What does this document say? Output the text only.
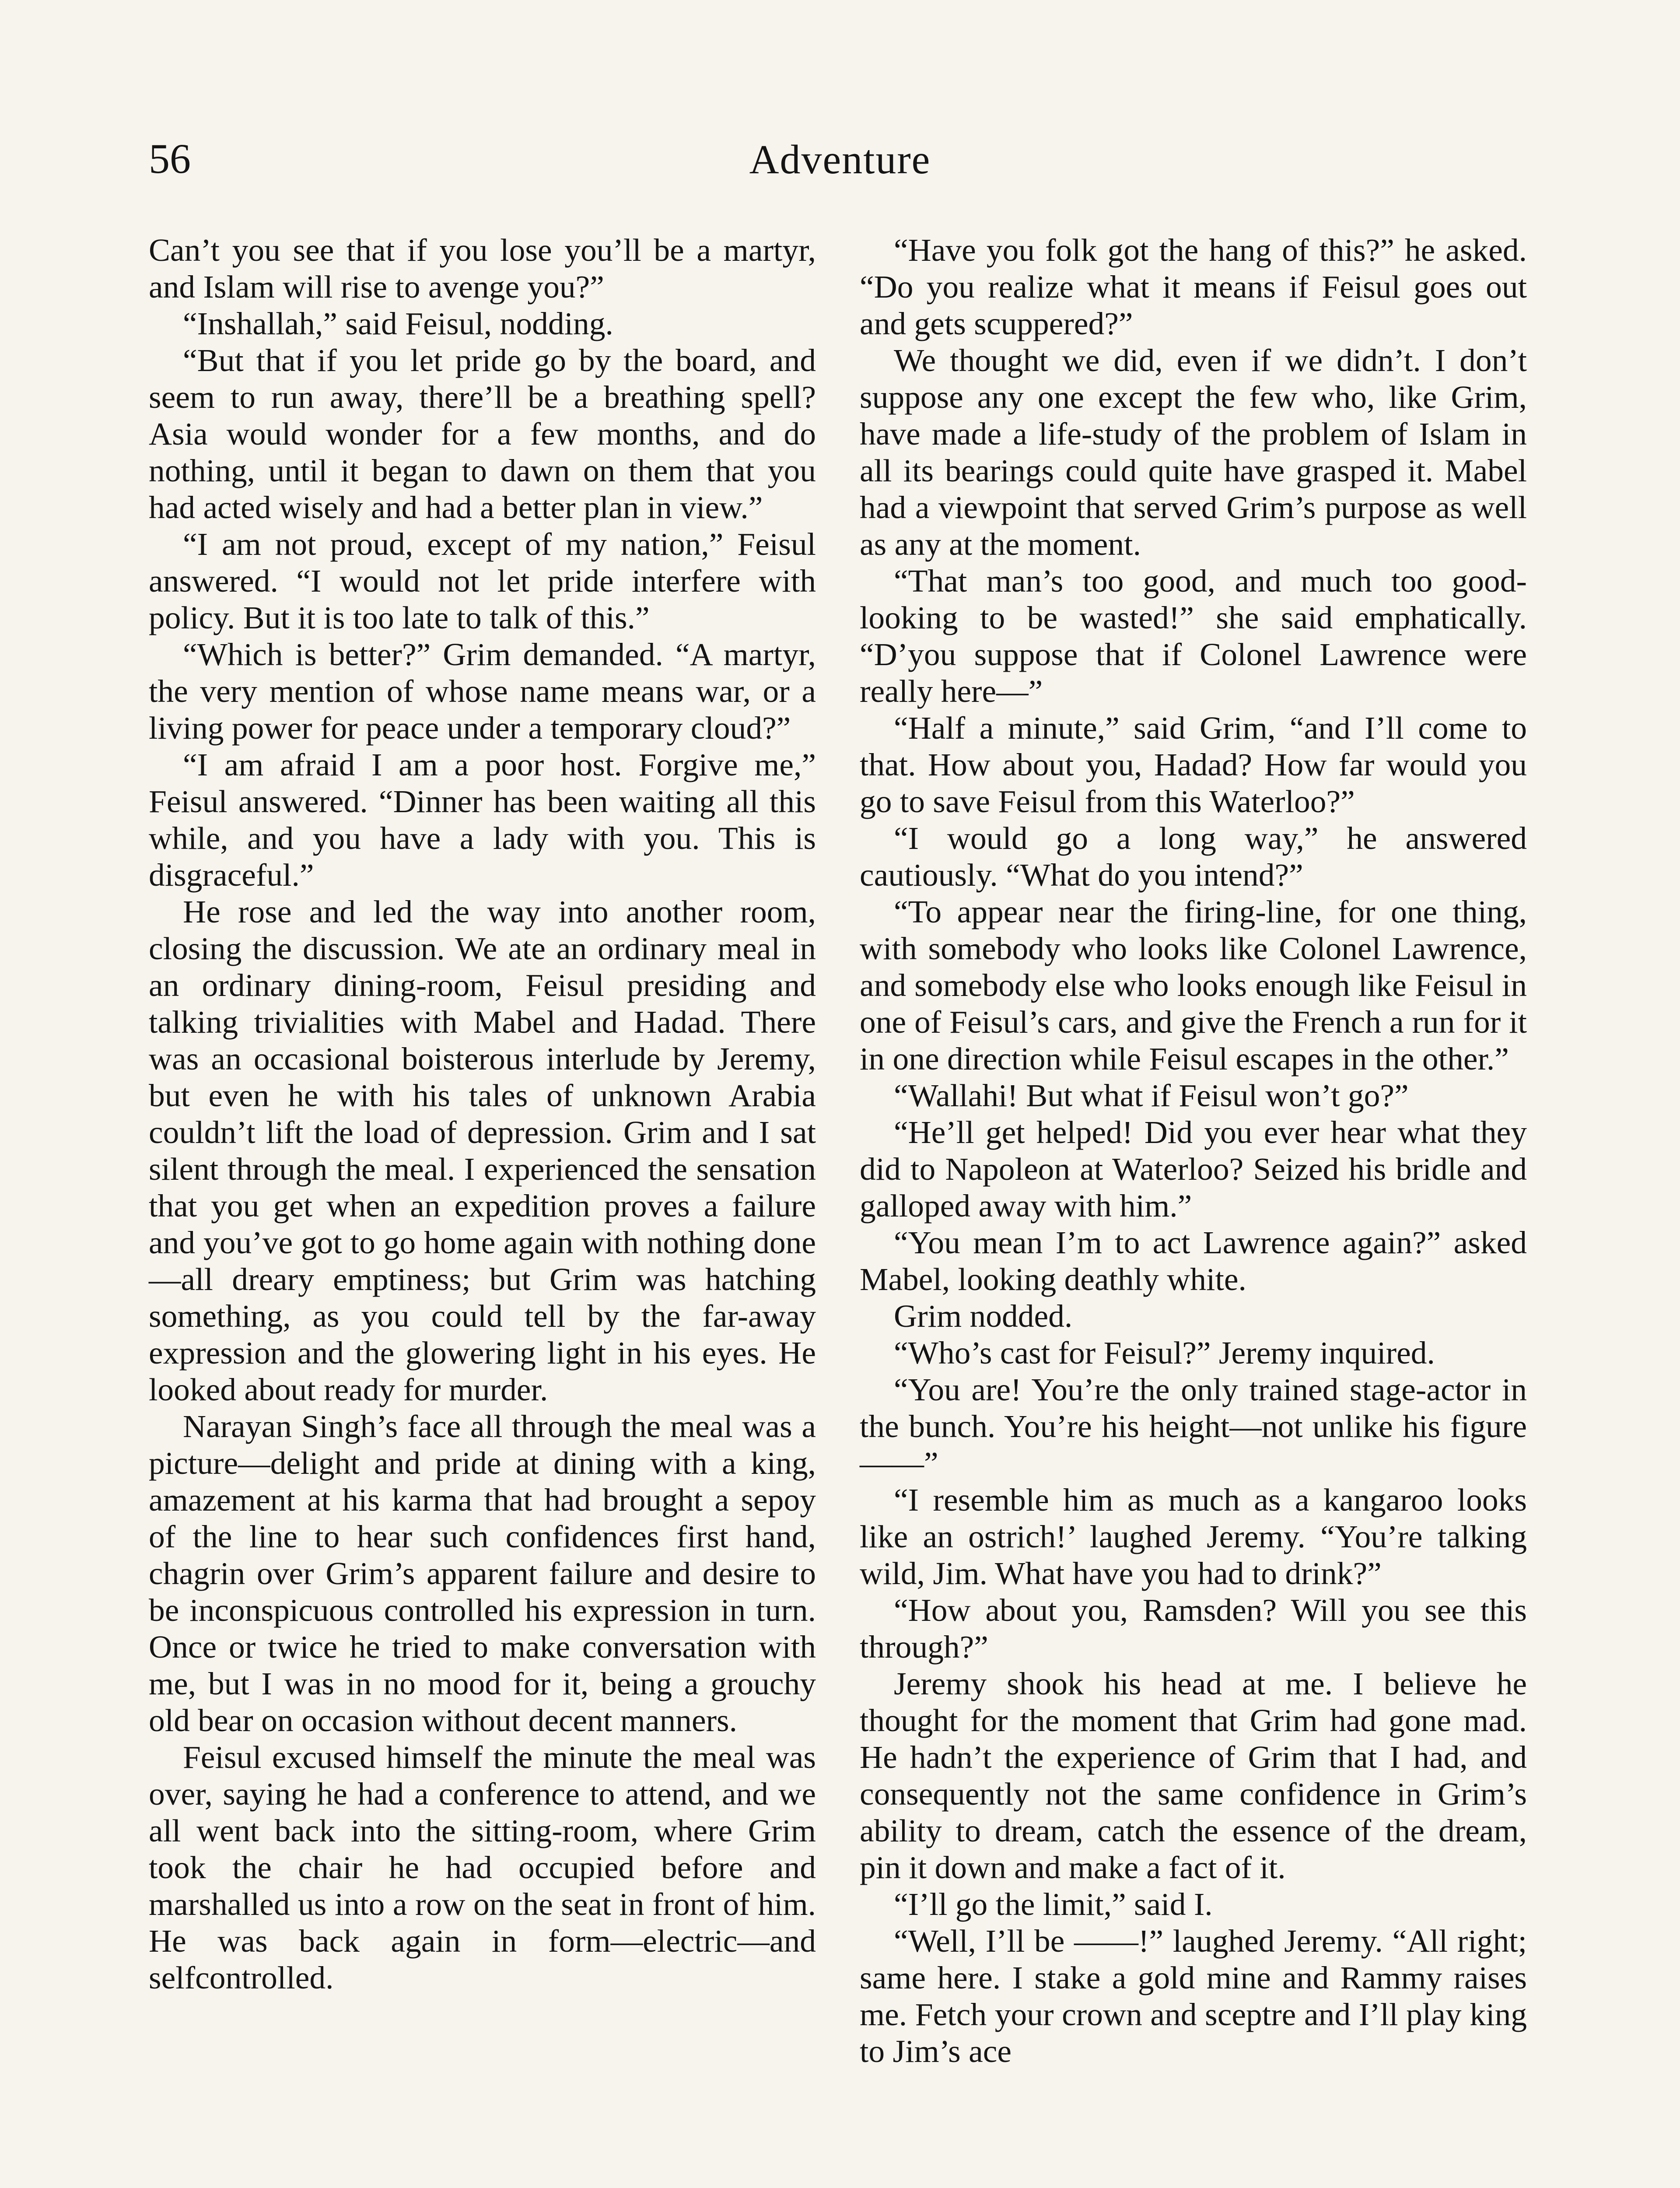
56	Adventure

Can’t you see that if you lose you’ll be a martyr, and Islam will rise to avenge you?”

“Inshallah,” said Feisul, nodding.

“But that if you let pride go by the board, and seem to run away, there’ll be a breathing spell? Asia would wonder for a few months, and do nothing, until it began to dawn on them that you had acted wisely and had a better plan in view.”

“I am not proud, except of my nation,” Feisul answered. “I would not let pride interfere with policy. But it is too late to talk of this.”

“Which is better?” Grim demanded. “A martyr, the very mention of whose name means war, or a living power for peace under a temporary cloud?”

“I am afraid I am a poor host. Forgive me,” Feisul answered. “Dinner has been waiting all this while, and you have a lady with you. This is disgraceful.”

He rose and led the way into another room, closing the discussion. We ate an ordinary meal in an ordinary dining-room, Feisul presiding and talking trivialities with Mabel and Hadad. There was an occasional boisterous interlude by Jeremy, but even he with his tales of unknown Arabia couldn’t lift the load of depression. Grim and I sat silent through the meal. I experienced the sensation that you get when an expedition proves a failure and you’ve got to go home again with nothing done—all dreary emptiness; but Grim was hatching something, as you could tell by the far-away expression and the glowering light in his eyes. He looked about ready for murder.

Narayan Singh’s face all through the meal was a picture—delight and pride at dining with a king, amazement at his karma that had brought a sepoy of the line to hear such confidences first hand, chagrin over Grim’s apparent failure and desire to be inconspicuous controlled his expression in turn. Once or twice he tried to make conversation with me, but I was in no mood for it, being a grouchy old bear on occasion without decent manners.

Feisul excused himself the minute the meal was over, saying he had a conference to attend, and we all went back into the sitting-room, where Grim took the chair he had occupied before and marshalled us into a row on the seat in front of him. He was back again in form—electric—and selfcontrolled.

“Have you folk got the hang of this?” he asked. “Do you realize what it means if Feisul goes out and gets scuppered?”

We thought we did, even if we didn’t. I don’t suppose any one except the few who, like Grim, have made a life-study of the problem of Islam in all its bearings could quite have grasped it. Mabel had a viewpoint that served Grim’s purpose as well as any at the moment.

“That man’s too good, and much too good-looking to be wasted!” she said emphatically. “D’you suppose that if Colonel Lawrence were really here—”

“Half a minute,” said Grim, “and I’ll come to that. How about you, Hadad? How far would you go to save Feisul from this Waterloo?”

“I would go a long way,” he answered cautiously. “What do you intend?”

“To appear near the firing-line, for one thing, with somebody who looks like Colonel Lawrence, and somebody else who looks enough like Feisul in one of Feisul’s cars, and give the French a run for it in one direction while Feisul escapes in the other.”

“Wallahi! But what if Feisul won’t go?”

“He’ll get helped! Did you ever hear what they did to Napoleon at Waterloo? Seized his bridle and galloped away with him.”

“You mean I’m to act Lawrence again?” asked Mabel, looking deathly white.

Grim nodded.

“Who’s cast for Feisul?” Jeremy inquired.

“You are! You’re the only trained stage-actor in the bunch. You’re his height—not unlike his figure——”

“I resemble him as much as a kangaroo looks like an ostrich!’ laughed Jeremy. “You’re talking wild, Jim. What have you had to drink?”

“How about you, Ramsden? Will you see this through?”

Jeremy shook his head at me. I believe he thought for the moment that Grim had gone mad. He hadn’t the experience of Grim that I had, and consequently not the same confidence in Grim’s ability to dream, catch the essence of the dream, pin it down and make a fact of it.

“I’ll go the limit,” said I.

“Well, I’ll be ——!” laughed Jeremy. “All right; same here. I stake a gold mine and Rammy raises me. Fetch your crown and sceptre and I’ll play king to Jim’s ace
